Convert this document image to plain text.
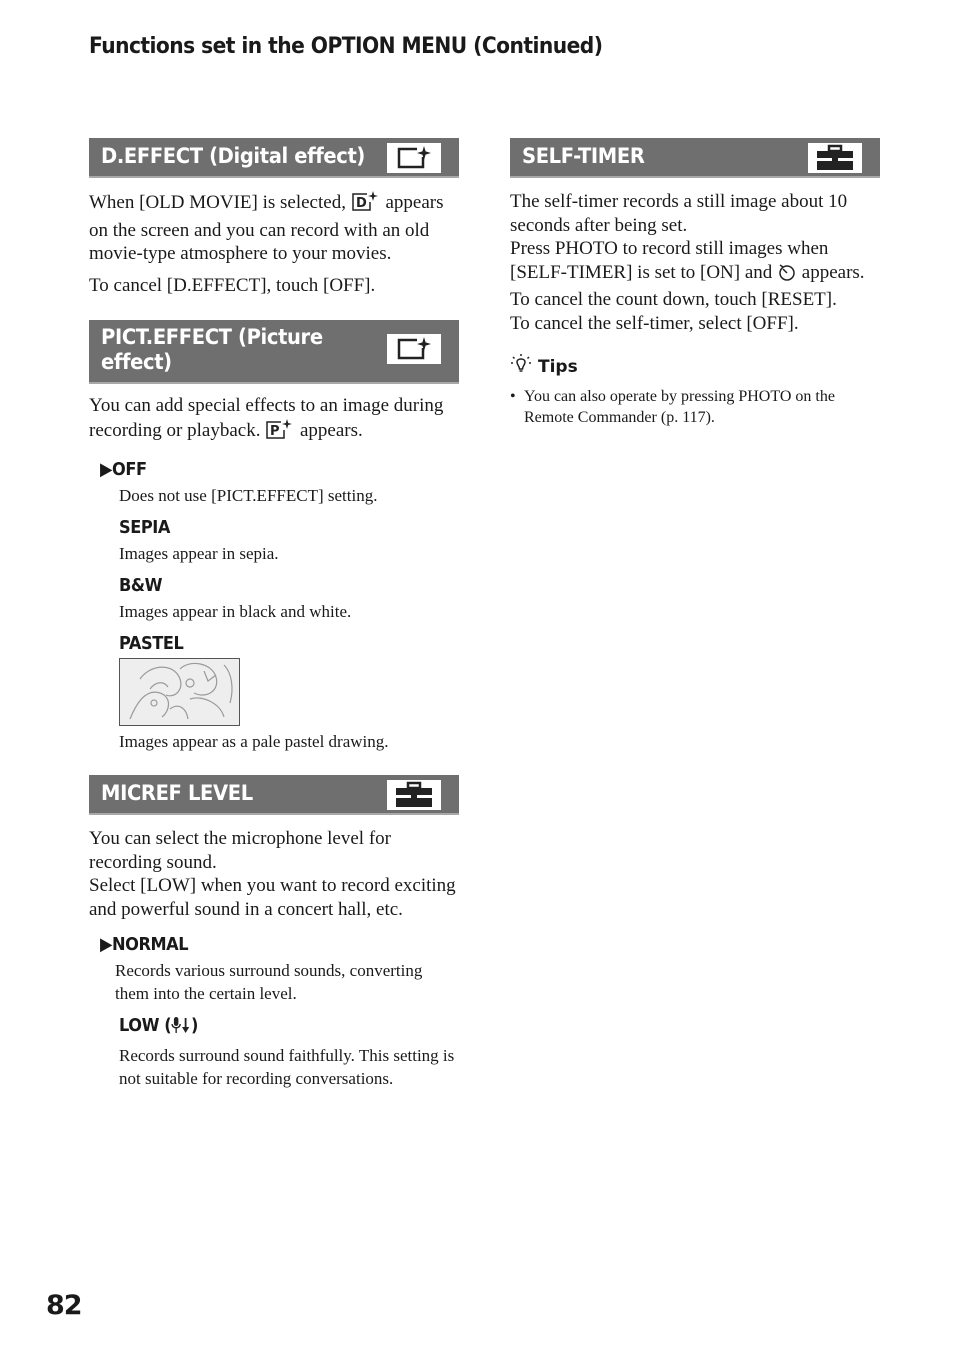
Functions set in the OPTION MENU (Continued)
D.EFFECT (Digital effect)

When [OLD MOVIE] is selected, D appears on the screen and you can record with an old movie-type atmosphere to your movies.

To cancel [D.EFFECT], touch [OFF].

PICT.EFFECT (Picture
effect)

You can add special effects to an image during recording or playback. P appears.

▶OFF
Does not use [PICT.EFFECT] setting.
SEPIA
Images appear in sepia.
B&W
Images appear in black and white.
PASTEL
Images appear as a pale pastel drawing.
MICREF LEVEL

You can select the microphone level for recording sound.

Select [LOW] when you want to record exciting and powerful sound in a concert hall, etc.

▶NORMAL
Records various surround sounds, converting them into the certain level.
LOW ( )
Records surround sound faithfully. This setting is not suitable for recording conversations.
SELF-TIMER

The self-timer records a still image about 10 seconds after being set.

Press PHOTO to record still images when [SELF-TIMER] is set to [ON] and appears.

To cancel the count down, touch [RESET].

To cancel the self-timer, select [OFF].

Tips
• You can also operate by pressing PHOTO on the Remote Commander (p. 117).
82
